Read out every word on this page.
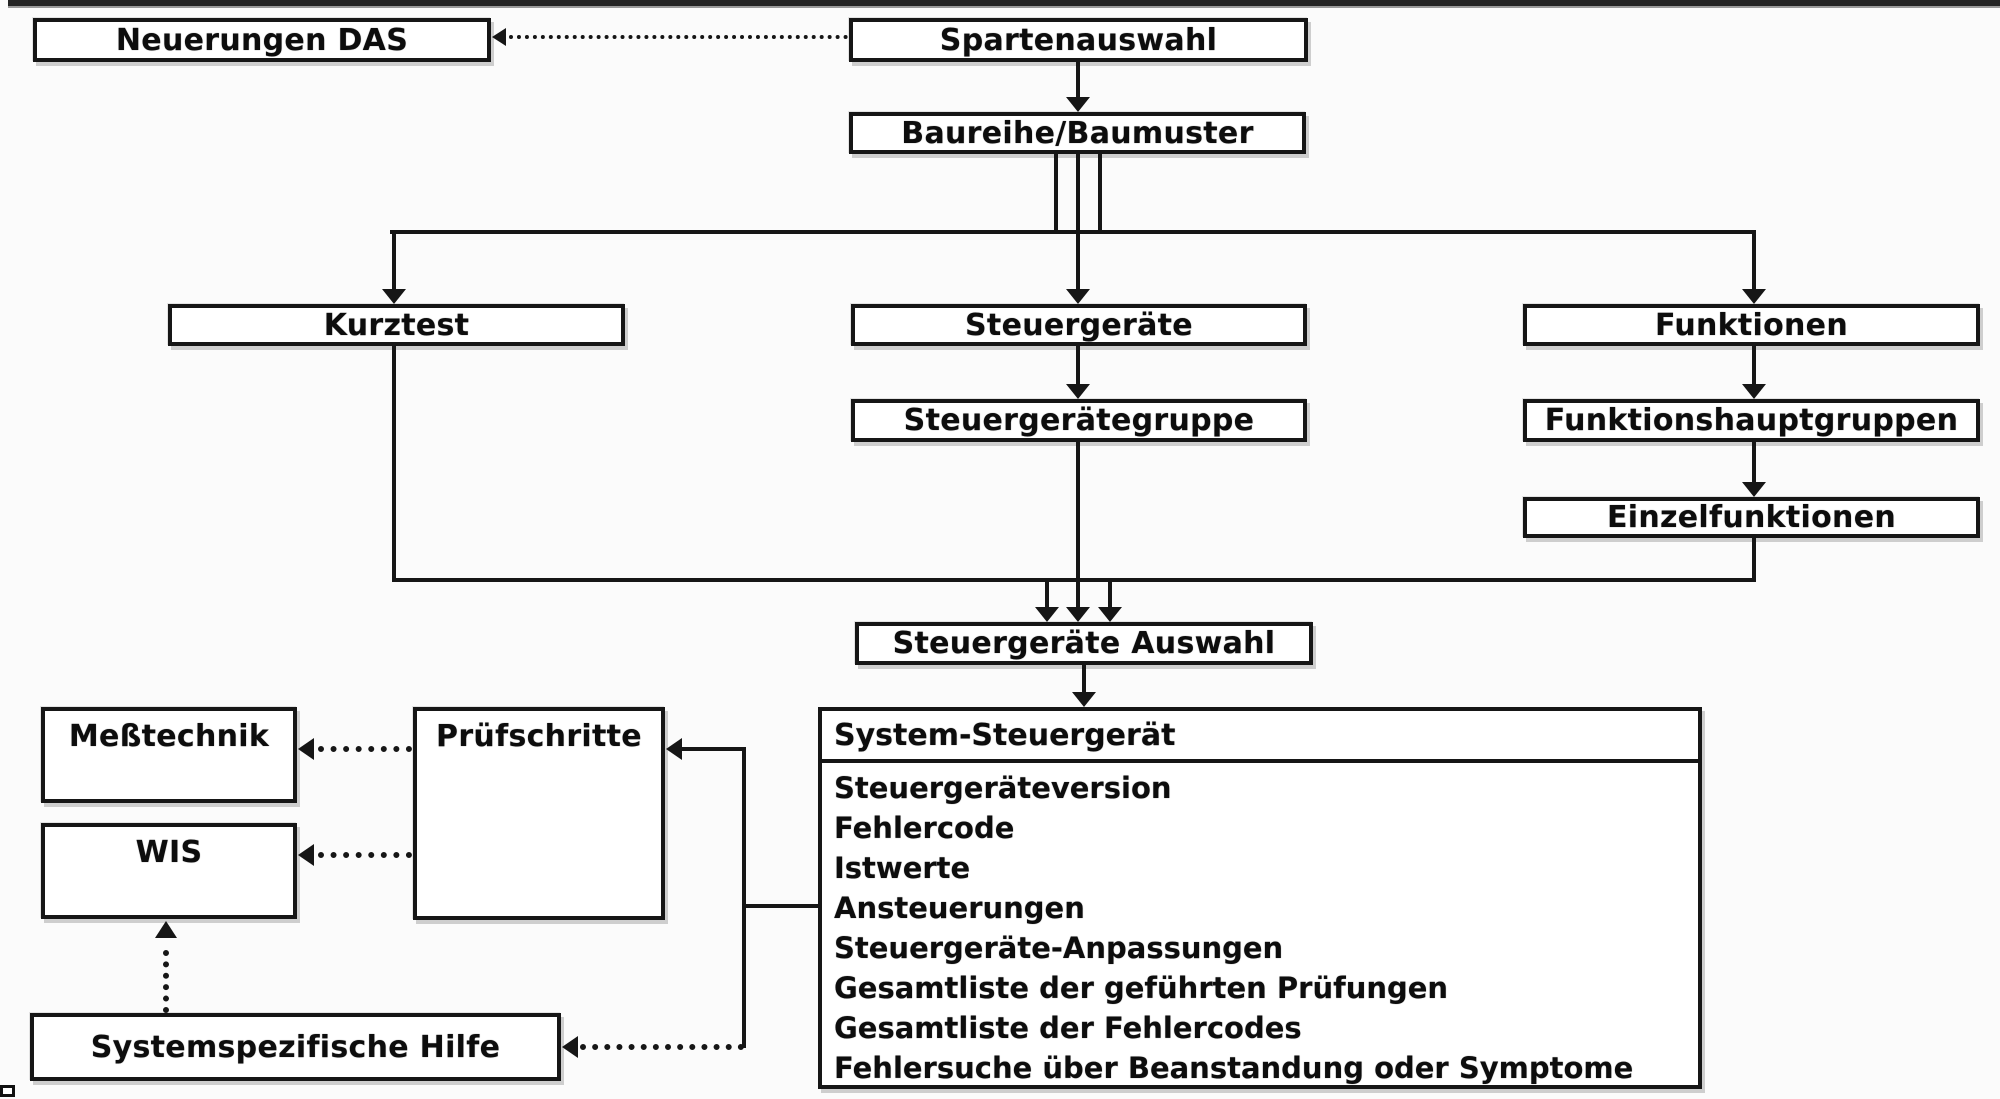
Neuerungen DAS	Spartenauswahl
Baureihe/Baumuster
Kurztest	Steuergeräte	Funktionen
Steuergerätegruppe	Funktionshauptgruppen
Einzelfunktionen
Steuergeräte Auswahl
System-Steuergerät
Steuergeräteversion
Fehlercode
Istwerte
Ansteuerungen
Steuergeräte-Anpassungen
Gesamtliste der geführten Prüfungen
Gesamtliste der Fehlercodes
Fehlersuche über Beanstandung oder Symptome
Meßtechnik
WIS
Prüfschritte
Systemspezifische Hilfe
